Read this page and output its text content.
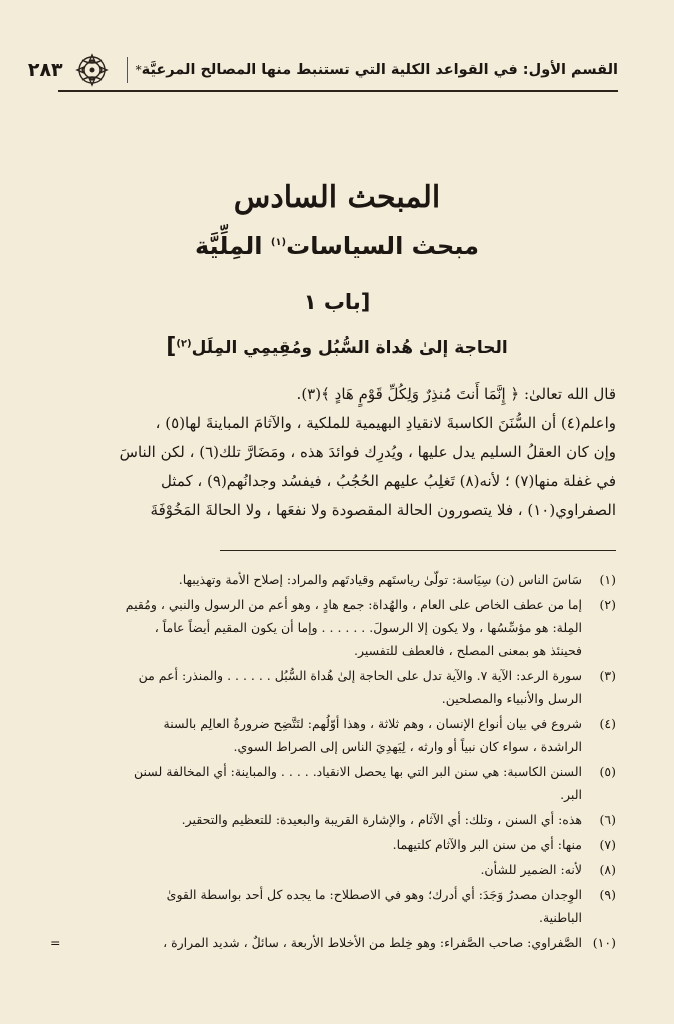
القسم الأول: في القواعد الكلية التي تستنبط منها المصالح المرعيَّة
٢٨٣	*
المبحث السادس
مبحث السياسات$^{(١)}$ المِلِّيَّة
[باب ١
الحاجة إلىٰ هُداة السُّبُل ومُقِيمِي المِلَل$^{(٢)}$]
قال الله تعالىٰ: ﴿ إِنَّمَا أَنتَ مُنذِرٌ وَلِكُلِّ قَوْمٍ هَادٍ ﴾(٣).
واعلم(٤) أن السُّنَنَ الكاسبةَ لانقيادِ البهيمية للملكية ، والآثامَ المباينةَ لها(٥) ،
وإن كان العقلُ السليم يدل عليها ، ويُدرِك فوائدَ هذه ، ومَضَارَّ تلك(٦) ، لكن الناسَ
في غفلة منها(٧) ؛ لأنه(٨) تَغلِبُ عليهم الحُجُبُ ، فيفسُد وجدانُهم(٩) ، كمثل
الصفراوي(١٠) ، فلا يتصورون الحالة المقصودة ولا نفعَها ، ولا الحالةَ المَخُوْفَةَ
(١)
سَاسَ الناس (ن) سِيَاسة: تولّىٰ رياستَهم وقيادتَهم والمراد: إصلاح الأمة وتهذيبها.
(٢)
إما من عطف الخاص على العام ، والهُداة: جمع هادٍ ، وهو أعم من الرسول والنبي ، ومُقيم
المِلة: هو مؤسِّسُها ، ولا يكون إلا الرسولَ. . . . . . . وإما أن يكون المقيم أيضاً عاماً ،
فحينئذ هو بمعنى المصلح ، فالعطف للتفسير.
(٣)
سورة الرعد: الآية ٧. والآية تدل على الحاجة إلىٰ هُداة السُّبُل . . . . . . والمنذر: أعم من
الرسل والأنبياء والمصلحين.
(٤)
شروع في بيان أنواع الإنسان ، وهم ثلاثة ، وهذا أوّلُهم: لتَتَّضِح ضرورةُ العالِم بالسنة
الراشدة ، سواء كان نبياً أو وارثه ، لِيَهدِيَ الناس إلى الصراط السوي.
(٥)
السنن الكاسبة: هي سنن البر التي بها يحصل الانقياد. . . . . والمباينة: أي المخالفة لسنن
البر.
(٦)
هذه: أي السنن ، وتلك: أي الآثام ، والإشارة القريبة والبعيدة: للتعظيم والتحقير.
(٧)
منها: أي من سنن البر والآثام كلتيهما.
(٨)
لأنه: الضمير للشأن.
(٩)
الوِجدان مصدرُ وَجَدَ: أي أدرك؛ وهو في الاصطلاح: ما يجده كل أحد بواسطة القوىٰ
الباطنية.
(١٠)
الصَّفراوي: صاحب الصَّفراء: وهو خِلط من الأخلاط الأربعة ، سائلٌ ، شديد المرارة ،
=
